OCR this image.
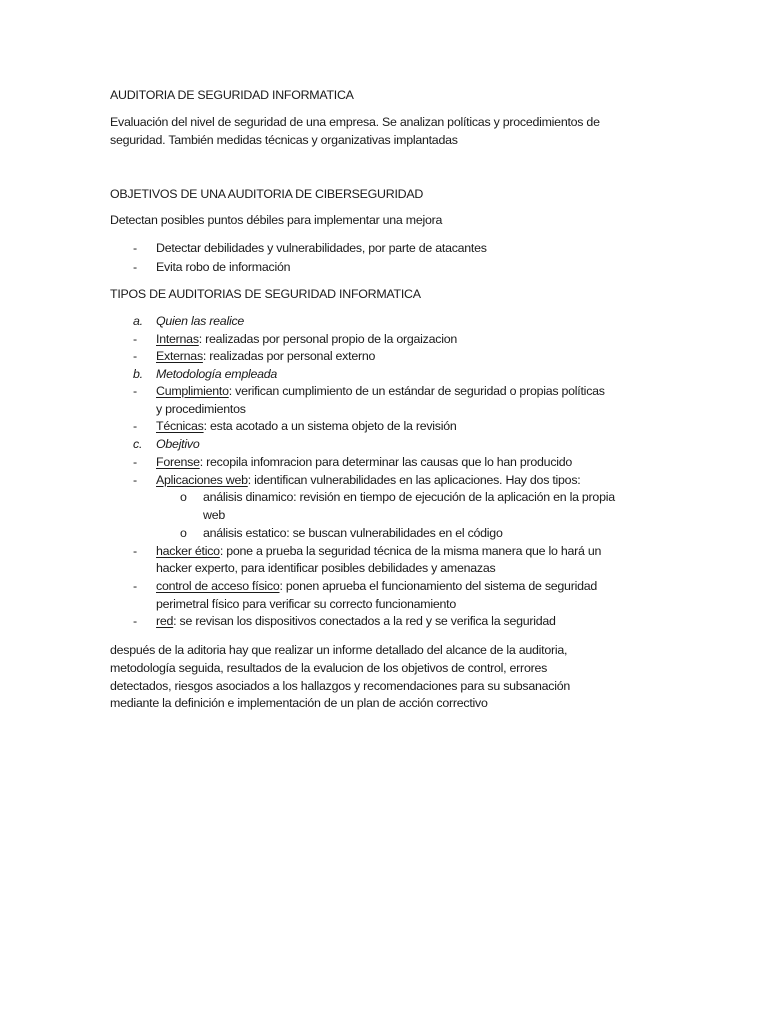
AUDITORIA DE SEGURIDAD INFORMATICA
Evaluación del nivel de seguridad de una empresa. Se analizan políticas y procedimientos de
seguridad. También medidas técnicas y organizativas implantadas
OBJETIVOS DE UNA AUDITORIA DE CIBERSEGURIDAD
Detectan posibles puntos débiles para implementar una mejora
- Detectar debilidades y vulnerabilidades, por parte de atacantes
- Evita robo de información
TIPOS DE AUDITORIAS DE SEGURIDAD INFORMATICA
a. Quien las realice
- Internas: realizadas por personal propio de la orgaizacion
- Externas: realizadas por personal externo
b. Metodología empleada
- Cumplimiento: verifican cumplimiento de un estándar de seguridad o propias políticas
y procedimientos
- Técnicas: esta acotado a un sistema objeto de la revisión
c. Obejtivo
- Forense: recopila infomracion para determinar las causas que lo han producido
- Aplicaciones web: identifican vulnerabilidades en las aplicaciones. Hay dos tipos:
o análisis dinamico: revisión en tiempo de ejecución de la aplicación en la propia
web
o análisis estatico: se buscan vulnerabilidades en el código
- hacker ético: pone a prueba la seguridad técnica de la misma manera que lo hará un
hacker experto, para identificar posibles debilidades y amenazas
- control de acceso físico: ponen aprueba el funcionamiento del sistema de seguridad
perimetral físico para verificar su correcto funcionamiento
- red: se revisan los dispositivos conectados a la red y se verifica la seguridad
después de la aditoria hay que realizar un informe detallado del alcance de la auditoria,
metodología seguida, resultados de la evalucion de los objetivos de control, errores
detectados, riesgos asociados a los hallazgos y recomendaciones para su subsanación
mediante la definición e implementación de un plan de acción correctivo
